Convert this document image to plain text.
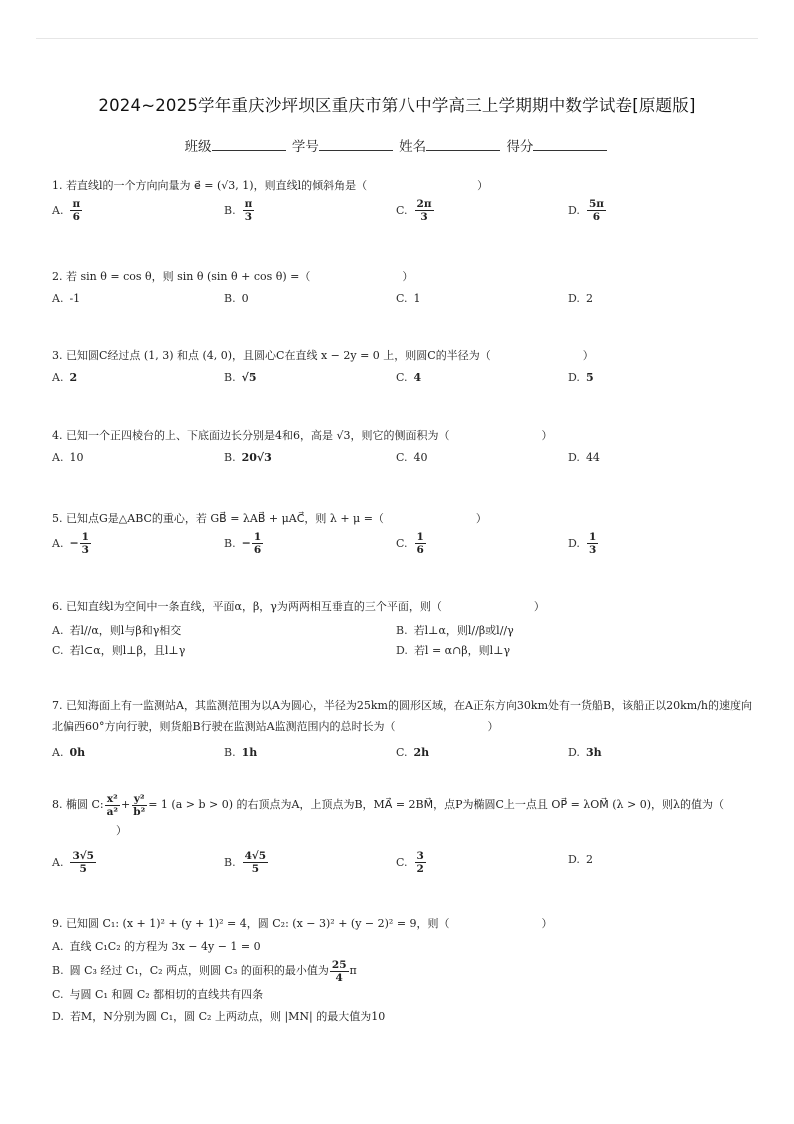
2024~2025学年重庆沙坪坝区重庆市第八中学高三上学期期中数学试卷[原题版]
班级	学号	姓名	得分
1. 若直线l的一个方向向量为 e⃗ = (√3, 1)，则直线l的倾斜角是（	）
A. $\frac{\pi}{6}$	B. $\frac{\pi}{3}$	C. $\frac{2\pi}{3}$	D. $\frac{5\pi}{6}$
2. 若 sin θ = cos θ，则 sin θ (sin θ + cos θ) =（	）
A. -1	B. 0	C. 1	D. 2
3. 已知圆C经过点 (1, 3) 和点 (4, 0)，且圆心C在直线 x − 2y = 0 上，则圆C的半径为（	）
A. 2	B. √5	C. 4	D. 5
4. 已知一个正四棱台的上、下底面边长分别是4和6，高是 √3，则它的侧面积为（	）
A. 10	B. 20√3	C. 40	D. 44
5. 已知点G是△ABC的重心，若 GB⃗ = λAB⃗ + μAC⃗，则 λ + μ =（	）
A. − $\frac{1}{3}$	B. − $\frac{1}{6}$	C. $\frac{1}{6}$	D. $\frac{1}{3}$
6. 已知直线l为空间中一条直线，平面α，β，γ为两两相互垂直的三个平面，则（	）
A. 若l//α，则l与β和γ相交	B. 若l⊥α，则l//β或l//γ
C. 若l⊂α，则l⊥β，且l⊥γ	D. 若l = α∩β，则l⊥γ
7. 已知海面上有一监测站A，其监测范围为以A为圆心，半径为25km的圆形区域，在A正东方向30km处有一货船B，该船正以20km/h的速度向北偏西60°方向行驶，则货船B行驶在监测站A监测范围内的总时长为（	）
A. 0h	B. 1h	C. 2h	D. 3h
8. 椭圆 C: $\frac{\text{x²}}{\text{a²}} + \frac{\text{y²}}{\text{b²}} = 1$ (a > b > 0) 的右顶点为A，上顶点为B，MA⃗ = 2BM⃗，点P为椭圆C上一点且 OP⃗ = λOM⃗ (λ > 0)，则λ的值为（）
A. $\frac{3√5}{5}$	B. $\frac{4√5}{5}$	C. $\frac{3}{2}$	D. 2
9. 已知圆 C₁: (x + 1)² + (y + 1)² = 4，圆 C₂: (x − 3)² + (y − 2)² = 9，则（	）
A. 直线 C₁C₂ 的方程为 3x − 4y − 1 = 0
B. 圆 C₃ 经过 C₁，C₂ 两点，则圆 C₃ 的面积的最小值为 $\frac{25}{4}$ π
C. 与圆 C₁ 和圆 C₂ 都相切的直线共有四条
D. 若M，N分别为圆 C₁，圆 C₂ 上两动点，则 |MN| 的最大值为10
